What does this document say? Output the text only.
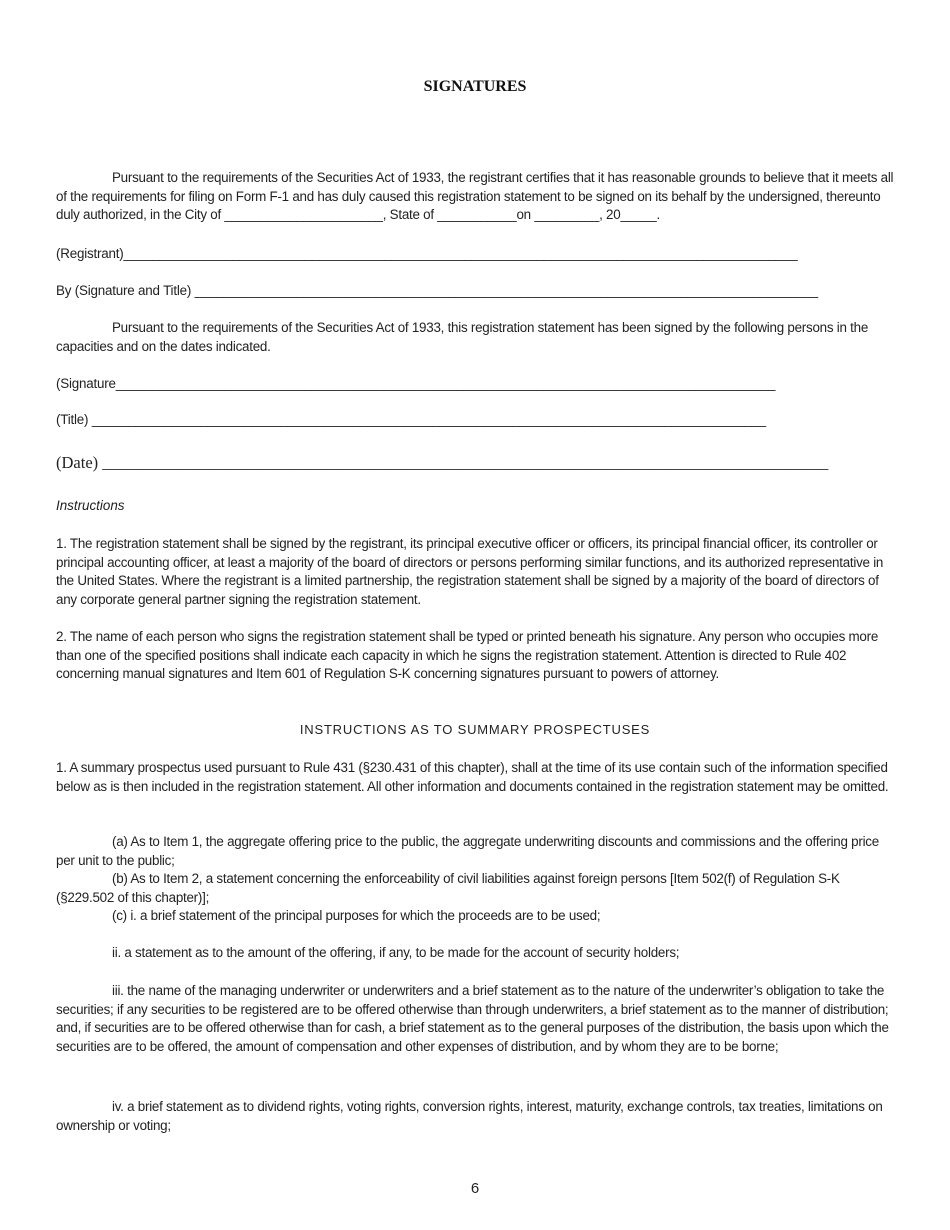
SIGNATURES
Pursuant to the requirements of the Securities Act of 1933, the registrant certifies that it has reasonable grounds to believe that it meets all of the requirements for filing on Form F-1 and has duly caused this registration statement to be signed on its behalf by the undersigned, thereunto duly authorized, in the City of ______________________, State of ___________on _________, 20_____.
(Registrant)_____________________________________________________________________________________________
By (Signature and Title) ______________________________________________________________________________________
Pursuant to the requirements of the Securities Act of 1933, this registration statement has been signed by the following persons in the capacities and on the dates indicated.
(Signature___________________________________________________________________________________________
(Title) _____________________________________________________________________________________________
(Date) ________________________________________________________________________________________
Instructions
1. The registration statement shall be signed by the registrant, its principal executive officer or officers, its principal financial officer, its controller or principal accounting officer, at least a majority of the board of directors or persons performing similar functions, and its authorized representative in the United States. Where the registrant is a limited partnership, the registration statement shall be signed by a majority of the board of directors of any corporate general partner signing the registration statement.
2. The name of each person who signs the registration statement shall be typed or printed beneath his signature. Any person who occupies more than one of the specified positions shall indicate each capacity in which he signs the registration statement. Attention is directed to Rule 402 concerning manual signatures and Item 601 of Regulation S-K concerning signatures pursuant to powers of attorney.
INSTRUCTIONS AS TO SUMMARY PROSPECTUSES
1. A summary prospectus used pursuant to Rule 431 (§230.431 of this chapter), shall at the time of its use contain such of the information specified below as is then included in the registration statement. All other information and documents contained in the registration statement may be omitted.
(a) As to Item 1, the aggregate offering price to the public, the aggregate underwriting discounts and commissions and the offering price per unit to the public;
(b) As to Item 2, a statement concerning the enforceability of civil liabilities against foreign persons [Item 502(f) of Regulation S-K (§229.502 of this chapter)];
(c) i. a brief statement of the principal purposes for which the proceeds are to be used;
ii. a statement as to the amount of the offering, if any, to be made for the account of security holders;
iii. the name of the managing underwriter or underwriters and a brief statement as to the nature of the underwriter’s obligation to take the securities; if any securities to be registered are to be offered otherwise than through underwriters, a brief statement as to the manner of distribution; and, if securities are to be offered otherwise than for cash, a brief statement as to the general purposes of the distribution, the basis upon which the securities are to be offered, the amount of compensation and other expenses of distribution, and by whom they are to be borne;
iv. a brief statement as to dividend rights, voting rights, conversion rights, interest, maturity, exchange controls, tax treaties, limitations on ownership or voting;
6
